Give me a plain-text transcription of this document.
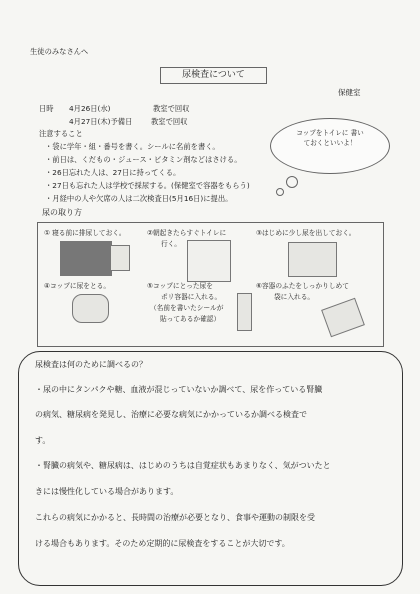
生徒のみなさんへ
尿検査について
保健室
日時 4月26日(水)	教室で回収
4月27日(木)予備日	教室で回収
注意すること
・袋に学年・組・番号を書く。シールに名前を書く。
・前日は、くだもの・ジュース・ビタミン剤などはさける。
・26日忘れた人は、27日に持ってくる。
・27日も忘れた人は学校で採尿する。(保健室で容器をもらう)
・月経中の人や欠席の人は二次検査日(5月16日)に提出。
コップをトイレに 書いておくといいよ！
尿の取り方
① 寝る前に排尿しておく。	②朝起きたらすぐトイレに
行く。
③はじめに少し尿を出しておく。
④コップに尿をとる。	⑤コップにとった尿を
ポリ容器に入れる。
（名前を書いたシールが
貼ってあるか確認）
⑥容器のふたをしっかりしめて
袋に入れる。
尿検査は何のために調べるの？
・尿の中にタンパクや糖、血液が混じっていないか調べて、尿を作っている腎臓
の病気、糖尿病を発見し、治療に必要な病気にかかっているか調べる検査で
す。
・腎臓の病気や、糖尿病は、はじめのうちは自覚症状もあまりなく、気がついたと
きには慢性化している場合があります。
これらの病気にかかると、長時間の治療が必要となり、食事や運動の制限を受
ける場合もあります。そのため定期的に尿検査をすることが大切です。
